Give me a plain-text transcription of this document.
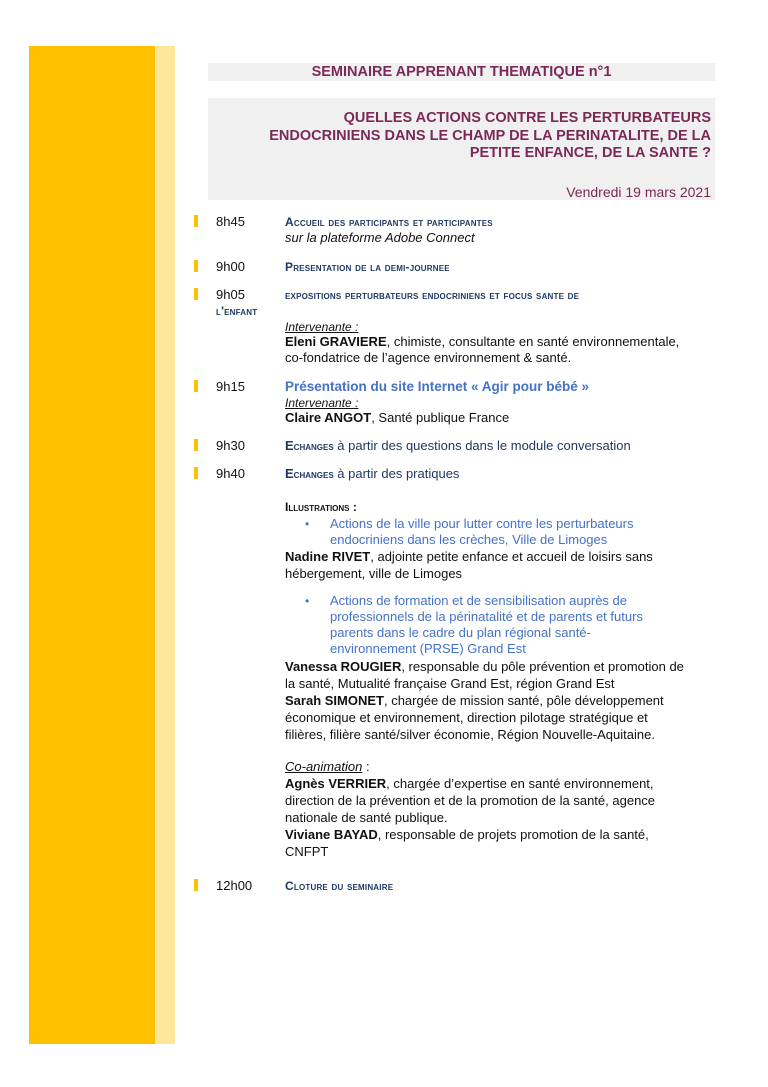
SEMINAIRE APPRENANT THEMATIQUE n°1
QUELLES ACTIONS CONTRE LES PERTURBATEURS
ENDOCRINIENS DANS LE CHAMP DE LA PERINATALITE, DE LA
PETITE ENFANCE, DE LA SANTE ?
Vendredi 19 mars 2021
8h45	Accueil des participants et participantes
sur la plateforme Adobe Connect
9h00	Presentation de la demi-journee
9h05	expositions perturbateurs endocriniens et focus sante de
l'enfant
Intervenante :
Eleni GRAVIERE, chimiste, consultante en santé environnementale,
co-fondatrice de l’agence environnement & santé.
9h15	Présentation du site Internet « Agir pour bébé »
Intervenante :
Claire ANGOT, Santé publique France
9h30	Echanges à partir des questions dans le module conversation
9h40	Echanges à partir des pratiques
Illustrations :
• Actions de la ville pour lutter contre les perturbateurs
endocriniens dans les crèches, Ville de Limoges
Nadine RIVET, adjointe petite enfance et accueil de loisirs sans
hébergement, ville de Limoges
• Actions de formation et de sensibilisation auprès de
professionnels de la périnatalité et de parents et futurs
parents dans le cadre du plan régional santé-
environnement (PRSE) Grand Est
Vanessa ROUGIER, responsable du pôle prévention et promotion de
la santé, Mutualité française Grand Est, région Grand Est
Sarah SIMONET, chargée de mission santé, pôle développement
économique et environnement, direction pilotage stratégique et
filières, filière santé/silver économie, Région Nouvelle-Aquitaine.
Co-animation :
Agnès VERRIER, chargée d’expertise en santé environnement,
direction de la prévention et de la promotion de la santé, agence
nationale de santé publique.
Viviane BAYAD, responsable de projets promotion de la santé,
CNFPT
12h00	Cloture du seminaire
